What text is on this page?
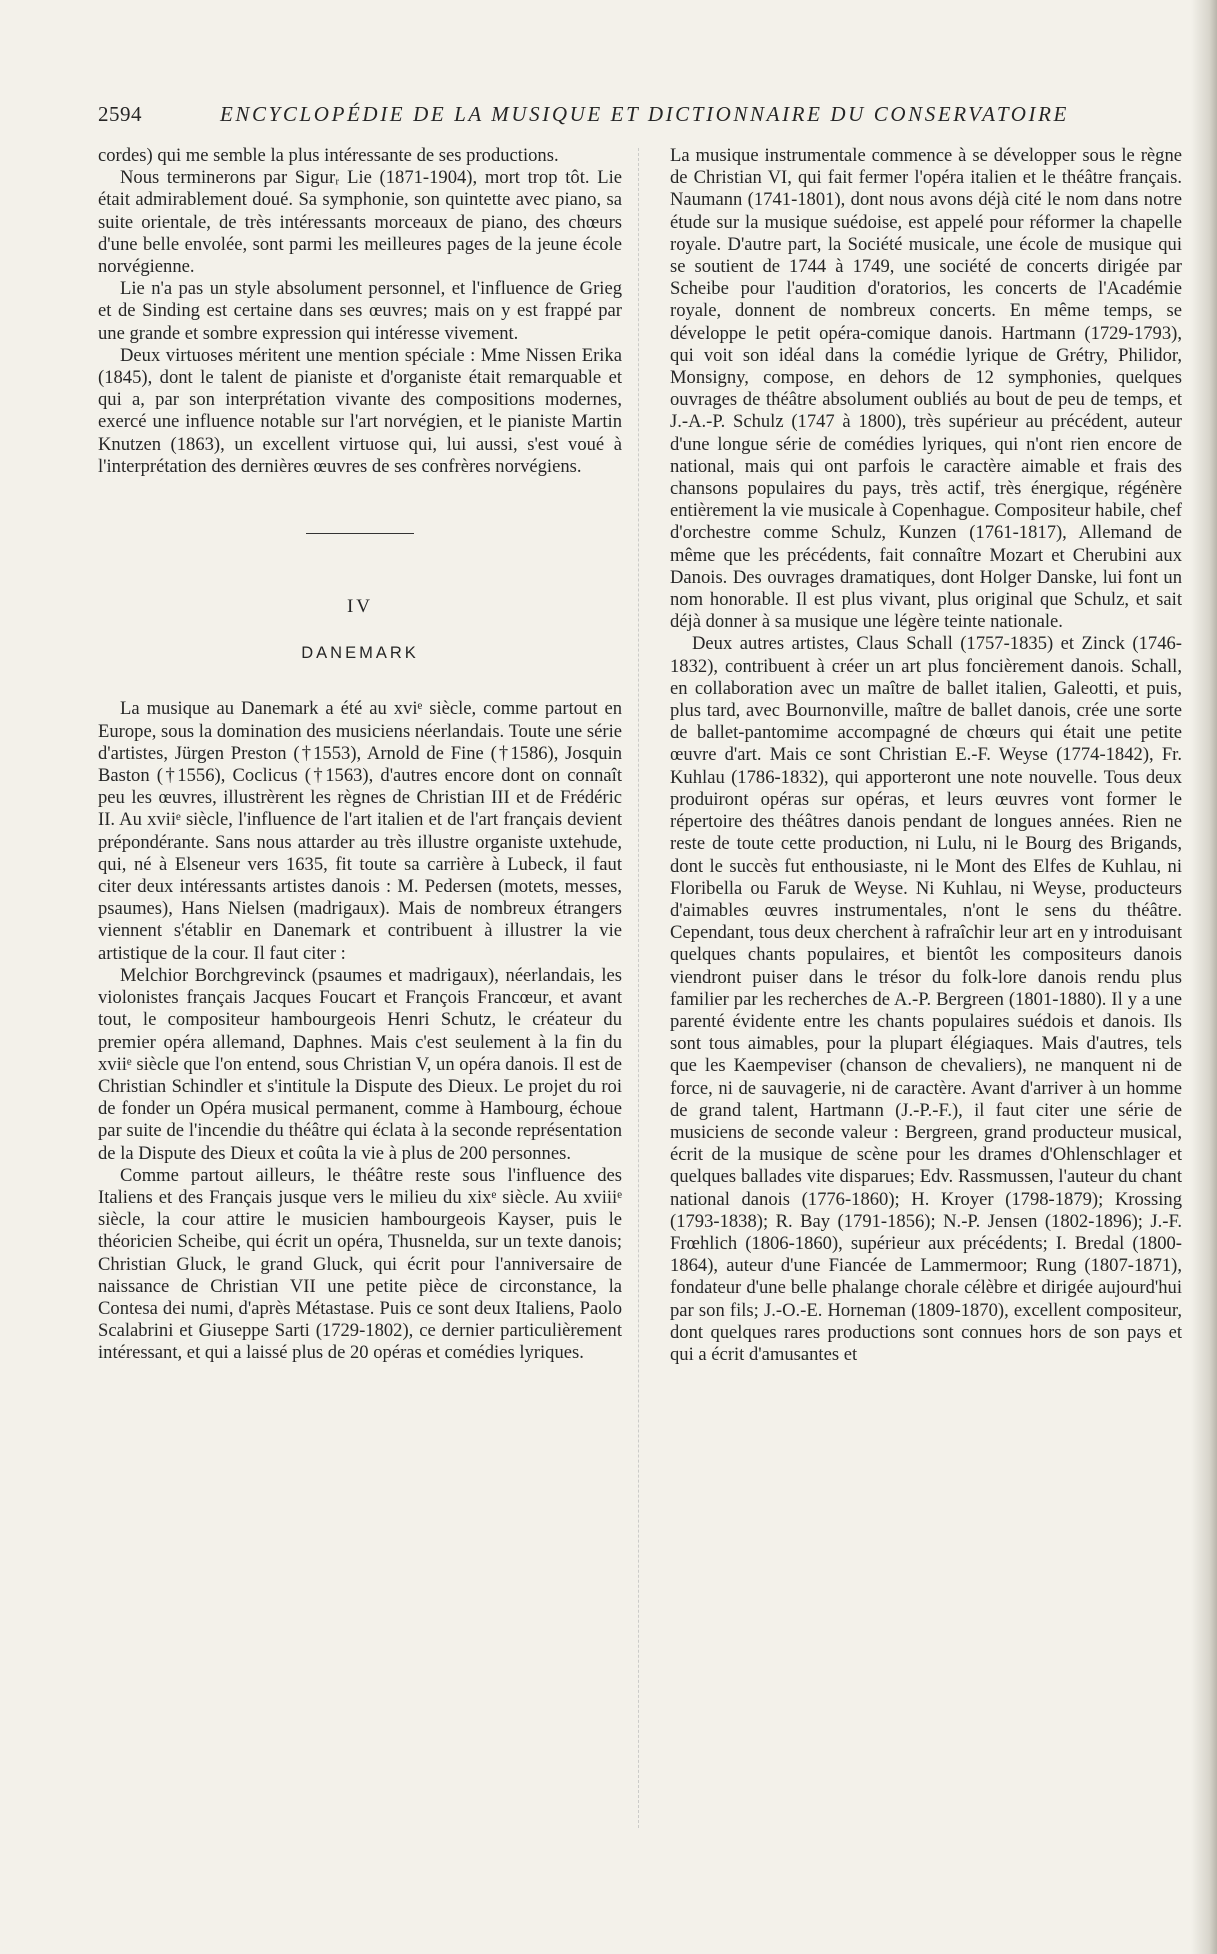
2594	ENCYCLOPÉDIE DE LA MUSIQUE ET DICTIONNAIRE DU CONSERVATOIRE

cordes) qui me semble la plus intéressante de ses productions.

Nous terminerons par Sigurᵣ Lie (1871-1904), mort trop tôt. Lie était admirablement doué. Sa symphonie, son quintette avec piano, sa suite orientale, de très intéressants morceaux de piano, des chœurs d'une belle envolée, sont parmi les meilleures pages de la jeune école norvégienne.

Lie n'a pas un style absolument personnel, et l'influence de Grieg et de Sinding est certaine dans ses œuvres; mais on y est frappé par une grande et sombre expression qui intéresse vivement.

Deux virtuoses méritent une mention spéciale : Mme Nissen Erika (1845), dont le talent de pianiste et d'organiste était remarquable et qui a, par son interprétation vivante des compositions modernes, exercé une influence notable sur l'art norvégien, et le pianiste Martin Knutzen (1863), un excellent virtuose qui, lui aussi, s'est voué à l'interprétation des dernières œuvres de ses confrères norvégiens.

IV
DANEMARK

La musique au Danemark a été au xviᵉ siècle, comme partout en Europe, sous la domination des musiciens néerlandais. Toute une série d'artistes, Jürgen Preston (†1553), Arnold de Fine (†1586), Josquin Baston (†1556), Coclicus (†1563), d'autres encore dont on connaît peu les œuvres, illustrèrent les règnes de Christian III et de Frédéric II. Au xviiᵉ siècle, l'influence de l'art italien et de l'art français devient prépondérante. Sans nous attarder au très illustre organiste uxtehude, qui, né à Elseneur vers 1635, fit toute sa carrière à Lubeck, il faut citer deux intéressants artistes danois : M. Pedersen (motets, messes, psaumes), Hans Nielsen (madrigaux). Mais de nombreux étrangers viennent s'établir en Danemark et contribuent à illustrer la vie artistique de la cour. Il faut citer :

Melchior Borchgrevinck (psaumes et madrigaux), néerlandais, les violonistes français Jacques Foucart et François Francœur, et avant tout, le compositeur hambourgeois Henri Schutz, le créateur du premier opéra allemand, Daphnes. Mais c'est seulement à la fin du xviiᵉ siècle que l'on entend, sous Christian V, un opéra danois. Il est de Christian Schindler et s'intitule la Dispute des Dieux. Le projet du roi de fonder un Opéra musical permanent, comme à Hambourg, échoue par suite de l'incendie du théâtre qui éclata à la seconde représentation de la Dispute des Dieux et coûta la vie à plus de 200 personnes.

Comme partout ailleurs, le théâtre reste sous l'influence des Italiens et des Français jusque vers le milieu du xixᵉ siècle. Au xviiiᵉ siècle, la cour attire le musicien hambourgeois Kayser, puis le théoricien Scheibe, qui écrit un opéra, Thusnelda, sur un texte danois; Christian Gluck, le grand Gluck, qui écrit pour l'anniversaire de naissance de Christian VII une petite pièce de circonstance, la Contesa dei numi, d'après Métastase. Puis ce sont deux Italiens, Paolo Scalabrini et Giuseppe Sarti (1729-1802), ce dernier particulièrement intéressant, et qui a laissé plus de 20 opéras et comédies lyriques.

La musique instrumentale commence à se développer sous le règne de Christian VI, qui fait fermer l'opéra italien et le théâtre français. Naumann (1741-1801), dont nous avons déjà cité le nom dans notre étude sur la musique suédoise, est appelé pour réformer la chapelle royale. D'autre part, la Société musicale, une école de musique qui se soutient de 1744 à 1749, une société de concerts dirigée par Scheibe pour l'audition d'oratorios, les concerts de l'Académie royale, donnent de nombreux concerts. En même temps, se développe le petit opéra-comique danois. Hartmann (1729-1793), qui voit son idéal dans la comédie lyrique de Grétry, Philidor, Monsigny, compose, en dehors de 12 symphonies, quelques ouvrages de théâtre absolument oubliés au bout de peu de temps, et J.-A.-P. Schulz (1747 à 1800), très supérieur au précédent, auteur d'une longue série de comédies lyriques, qui n'ont rien encore de national, mais qui ont parfois le caractère aimable et frais des chansons populaires du pays, très actif, très énergique, régénère entièrement la vie musicale à Copenhague. Compositeur habile, chef d'orchestre comme Schulz, Kunzen (1761-1817), Allemand de même que les précédents, fait connaître Mozart et Cherubini aux Danois. Des ouvrages dramatiques, dont Holger Danske, lui font un nom honorable. Il est plus vivant, plus original que Schulz, et sait déjà donner à sa musique une légère teinte nationale.

Deux autres artistes, Claus Schall (1757-1835) et Zinck (1746-1832), contribuent à créer un art plus foncièrement danois. Schall, en collaboration avec un maître de ballet italien, Galeotti, et puis, plus tard, avec Bournonville, maître de ballet danois, crée une sorte de ballet-pantomime accompagné de chœurs qui était une petite œuvre d'art. Mais ce sont Christian E.-F. Weyse (1774-1842), Fr. Kuhlau (1786-1832), qui apporteront une note nouvelle. Tous deux produiront opéras sur opéras, et leurs œuvres vont former le répertoire des théâtres danois pendant de longues années. Rien ne reste de toute cette production, ni Lulu, ni le Bourg des Brigands, dont le succès fut enthousiaste, ni le Mont des Elfes de Kuhlau, ni Floribella ou Faruk de Weyse. Ni Kuhlau, ni Weyse, producteurs d'aimables œuvres instrumentales, n'ont le sens du théâtre. Cependant, tous deux cherchent à rafraîchir leur art en y introduisant quelques chants populaires, et bientôt les compositeurs danois viendront puiser dans le trésor du folk-lore danois rendu plus familier par les recherches de A.-P. Bergreen (1801-1880). Il y a une parenté évidente entre les chants populaires suédois et danois. Ils sont tous aimables, pour la plupart élégiaques. Mais d'autres, tels que les Kaempeviser (chanson de chevaliers), ne manquent ni de force, ni de sauvagerie, ni de caractère. Avant d'arriver à un homme de grand talent, Hartmann (J.-P.-F.), il faut citer une série de musiciens de seconde valeur : Bergreen, grand producteur musical, écrit de la musique de scène pour les drames d'Ohlenschlager et quelques ballades vite disparues; Edv. Rassmussen, l'auteur du chant national danois (1776-1860); H. Kroyer (1798-1879); Krossing (1793-1838); R. Bay (1791-1856); N.-P. Jensen (1802-1896); J.-F. Frœhlich (1806-1860), supérieur aux précédents; I. Bredal (1800-1864), auteur d'une Fiancée de Lammermoor; Rung (1807-1871), fondateur d'une belle phalange chorale célèbre et dirigée aujourd'hui par son fils; J.-O.-E. Horneman (1809-1870), excellent compositeur, dont quelques rares productions sont connues hors de son pays et qui a écrit d'amusantes et
